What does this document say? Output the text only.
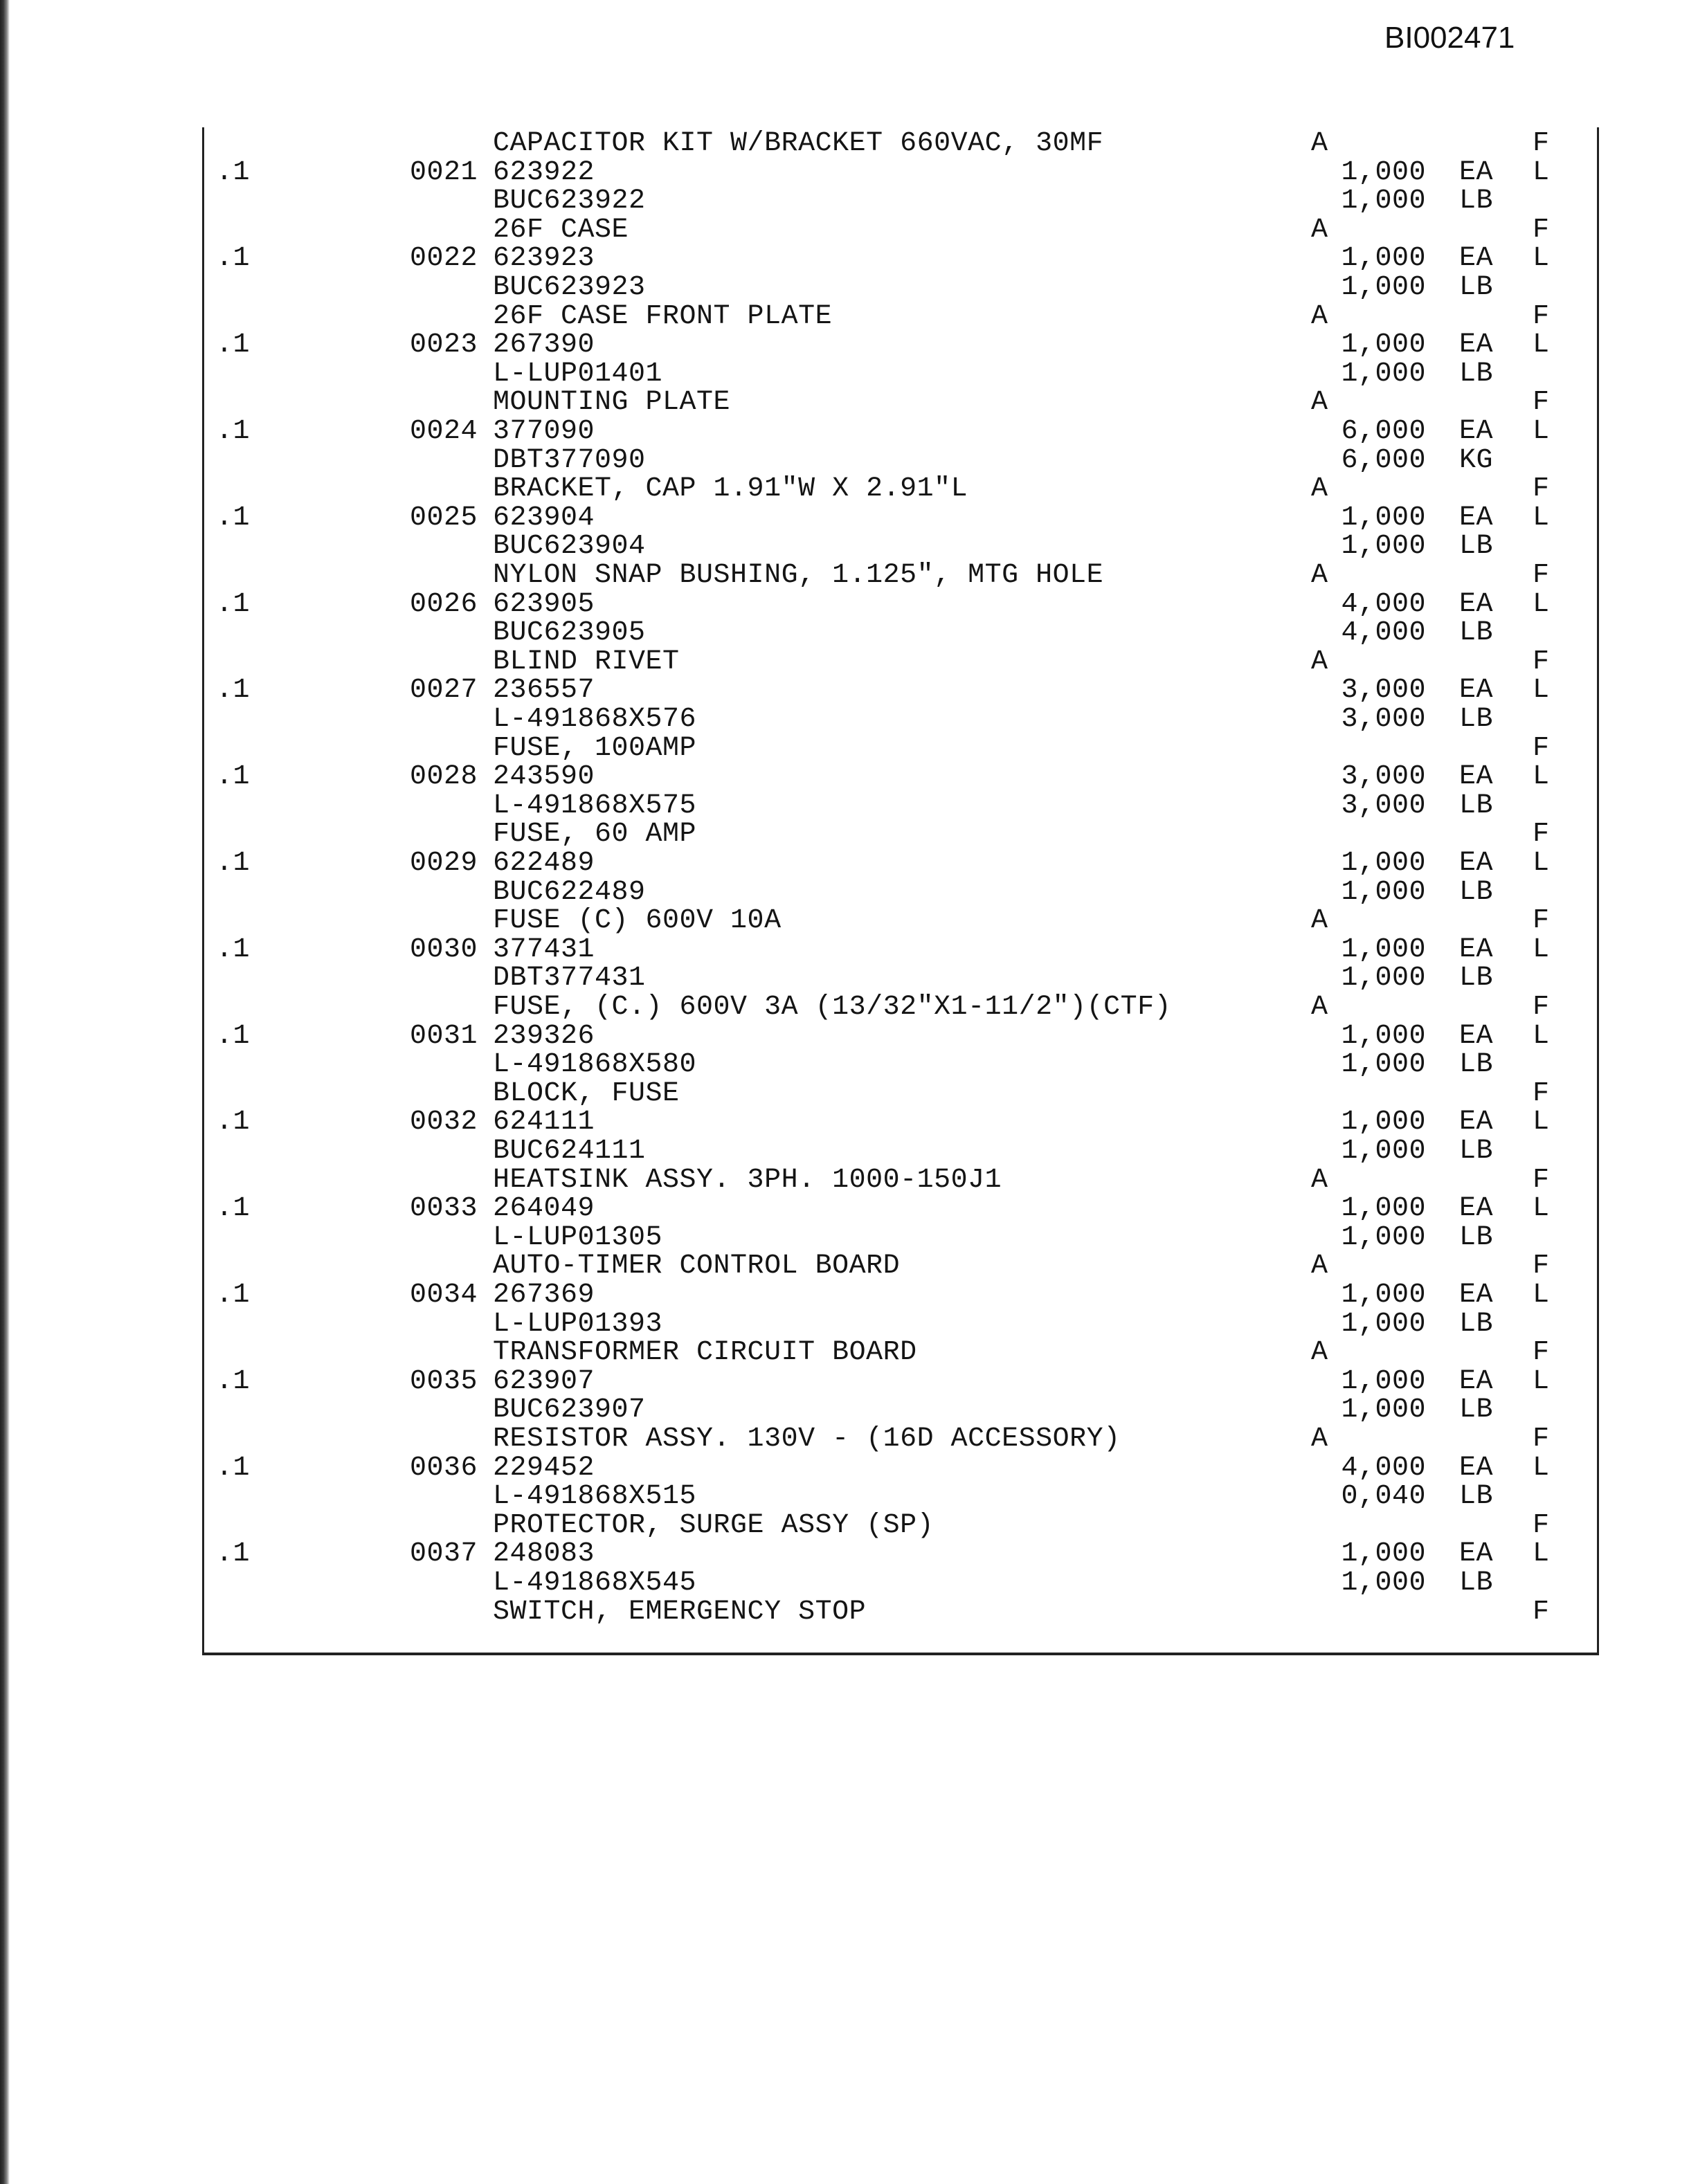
BI002471
CAPACITOR KIT W/BRACKET 660VAC, 30MF	A	F
.1	0021 623922	1,000 EA L
BUC623922	1,000 LB
26F CASE	A	F
.1	0022 623923	1,000 EA L
BUC623923	1,000 LB
26F CASE FRONT PLATE	A	F
.1	0023 267390	1,000 EA L
L-LUP01401	1,000 LB
MOUNTING PLATE	A	F
.1	0024 377090	6,000 EA L
DBT377090	6,000 KG
BRACKET, CAP 1.91"W X 2.91"L	A	F
.1	0025 623904	1,000 EA L
BUC623904	1,000 LB
NYLON SNAP BUSHING, 1.125", MTG HOLE	A	F
.1	0026 623905	4,000 EA L
BUC623905	4,000 LB
BLIND RIVET	A	F
.1	0027 236557	3,000 EA L
L-491868X576	3,000 LB
FUSE, 100AMP	F
.1	0028 243590	3,000 EA L
L-491868X575	3,000 LB
FUSE, 60 AMP	F
.1	0029 622489	1,000 EA L
BUC622489	1,000 LB
FUSE (C) 600V 10A	A	F
.1	0030 377431	1,000 EA L
DBT377431	1,000 LB
FUSE, (C.) 600V 3A (13/32"X1-11/2")(CTF)	A	F
.1	0031 239326	1,000 EA L
L-491868X580	1,000 LB
BLOCK, FUSE	F
.1	0032 624111	1,000 EA L
BUC624111	1,000 LB
HEATSINK ASSY. 3PH. 1000-150J1	A	F
.1	0033 264049	1,000 EA L
L-LUP01305	1,000 LB
AUTO-TIMER CONTROL BOARD	A	F
.1	0034 267369	1,000 EA L
L-LUP01393	1,000 LB
TRANSFORMER CIRCUIT BOARD	A	F
.1	0035 623907	1,000 EA L
BUC623907	1,000 LB
RESISTOR ASSY. 130V - (16D ACCESSORY)	A	F
.1	0036 229452	4,000 EA L
L-491868X515	0,040 LB
PROTECTOR, SURGE ASSY (SP)	F
.1	0037 248083	1,000 EA L
L-491868X545	1,000 LB
SWITCH, EMERGENCY STOP	F
